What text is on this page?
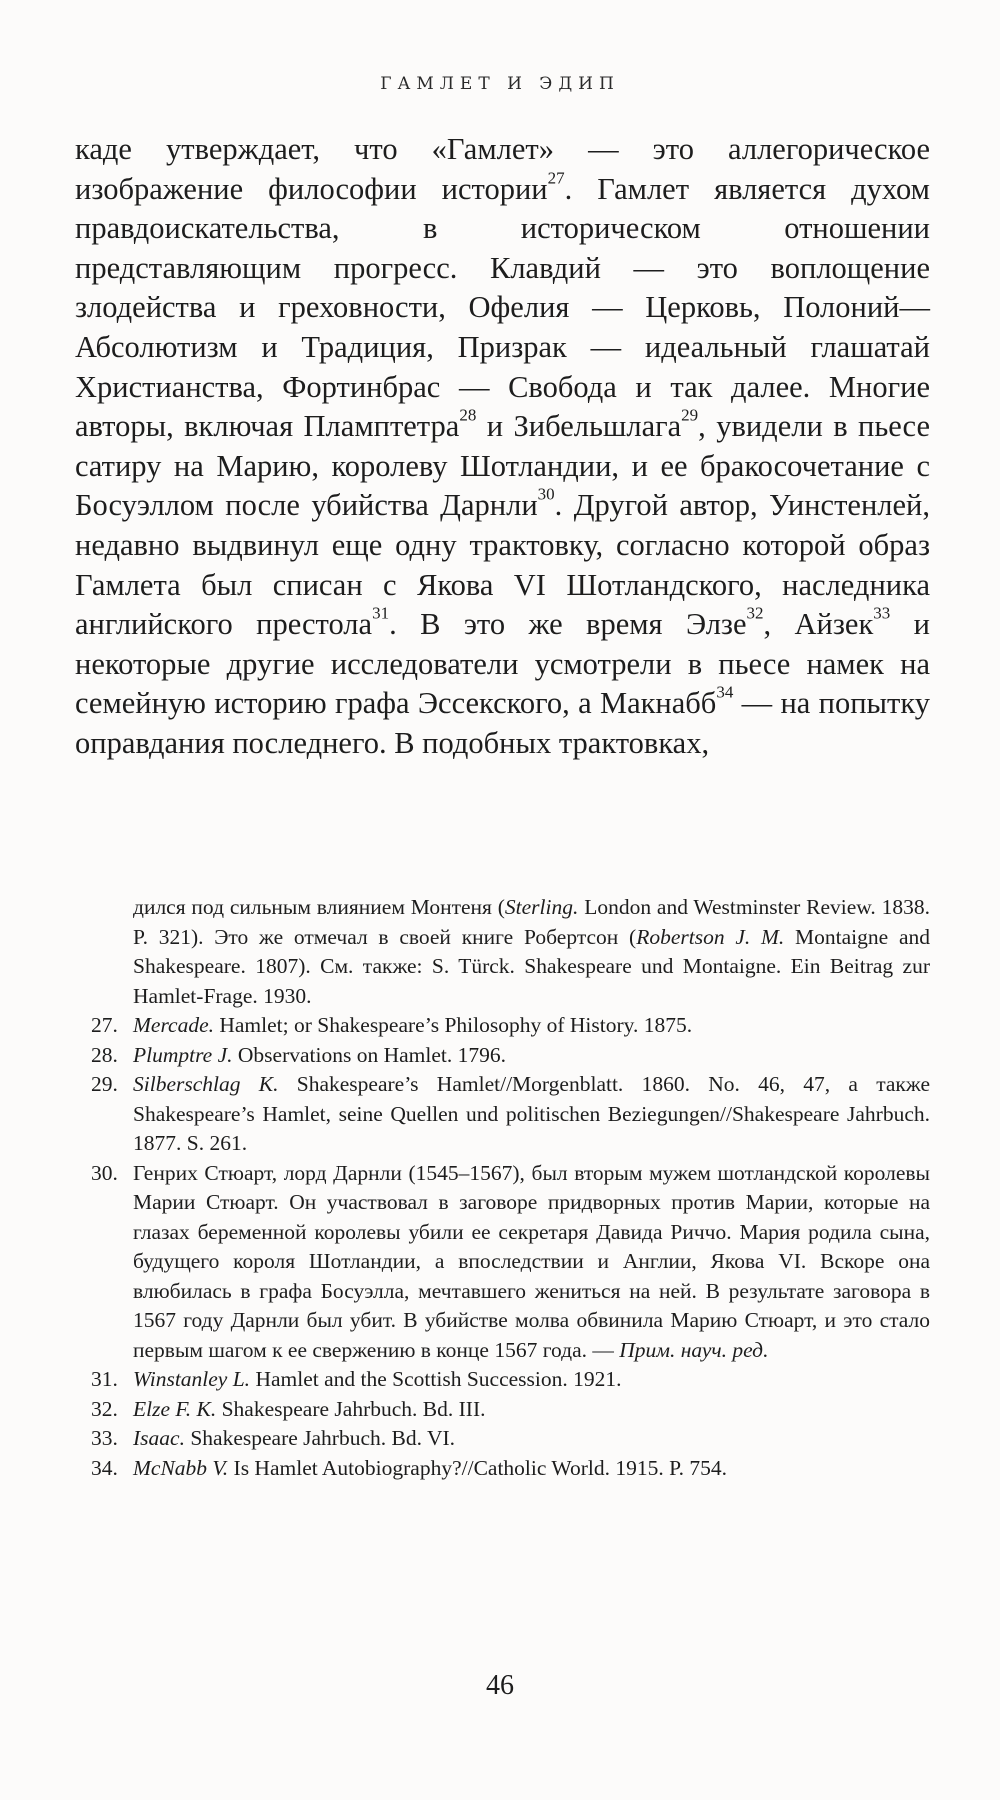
ГАМЛЕТ И ЭДИП

каде утверждает, что «Гамлет» — это аллегорическое изображение философии истории$^{27}$. Гамлет является духом правдоискательства, в историческом отношении представляющим прогресс. Клавдий — это воплощение злодейства и греховности, Офелия — Церковь, Полоний—Абсолютизм и Традиция, Призрак — идеальный глашатай Христианства, Фортинбрас — Свобода и так далее. Многие авторы, включая Пламптетра$^{28}$ и Зибельшлага$^{29}$, увидели в пьесе сатиру на Марию, королеву Шотландии, и ее бракосочетание с Босуэллом после убийства Дарнли$^{30}$. Другой автор, Уинстенлей, недавно выдвинул еще одну трактовку, согласно которой образ Гамлета был списан с Якова VI Шотландского, наследника английского престола$^{31}$. В это же время Элзе$^{32}$, Айзек$^{33}$ и некоторые другие исследователи усмотрели в пьесе намек на семейную историю графа Эссекского, а Макнабб$^{34}$ — на попытку оправдания последнего. В подобных трактовках,

дился под сильным влиянием Монтеня (Sterling. London and Westminster Review. 1838. P. 321). Это же отмечал в своей книге Робертсон (Robertson J. M. Montaigne and Shakespeare. 1807). См. также: S. Türck. Shakespeare und Montaigne. Ein Beitrag zur Hamlet-Frage. 1930.

27. Mercade. Hamlet; or Shakespeare’s Philosophy of History. 1875.

28. Plumptre J. Observations on Hamlet. 1796.

29. Silberschlag K. Shakespeare’s Hamlet//Morgenblatt. 1860. No. 46, 47, а также Shakespeare’s Hamlet, seine Quellen und politischen Beziegungen//Shakespeare Jahrbuch. 1877. S. 261.

30. Генрих Стюарт, лорд Дарнли (1545–1567), был вторым мужем шотландской королевы Марии Стюарт. Он участвовал в заговоре придворных против Марии, которые на глазах беременной королевы убили ее секретаря Давида Риччо. Мария родила сына, будущего короля Шотландии, а впоследствии и Англии, Якова VI. Вскоре она влюбилась в графа Босуэлла, мечтавшего жениться на ней. В результате заговора в 1567 году Дарнли был убит. В убийстве молва обвинила Марию Стюарт, и это стало первым шагом к ее свержению в конце 1567 года. — Прим. науч. ред.

31. Winstanley L. Hamlet and the Scottish Succession. 1921.

32. Elze F. K. Shakespeare Jahrbuch. Bd. III.

33. Isaac. Shakespeare Jahrbuch. Bd. VI.

34. McNabb V. Is Hamlet Autobiography?//Catholic World. 1915. P. 754.

46
